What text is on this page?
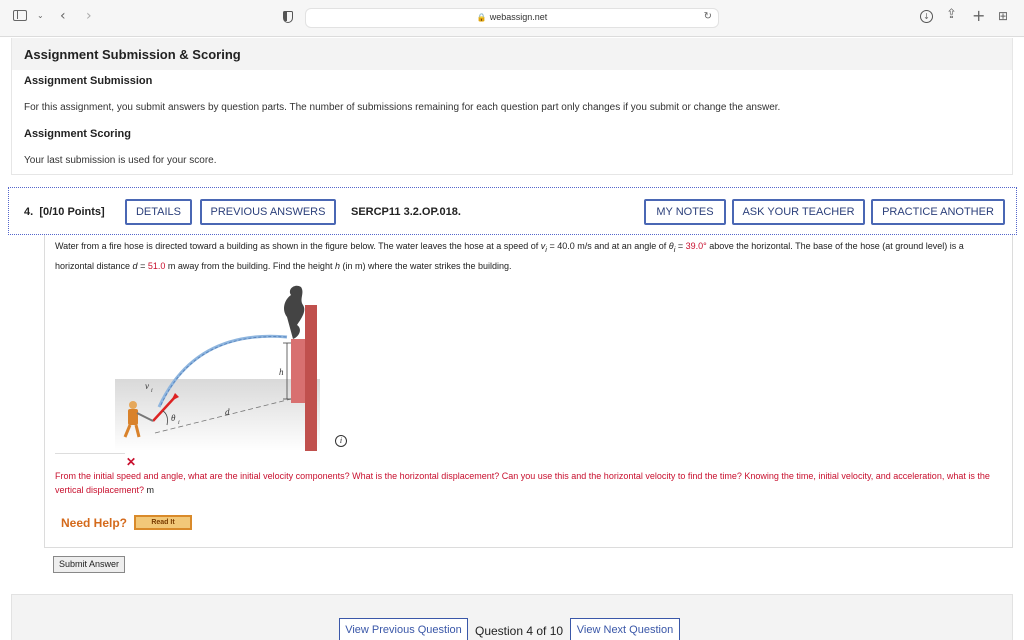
⌄ ‹ ›	🔒 webassign.net	↻	↓ ⇪ + ⊞
Assignment Submission & Scoring
Assignment Submission
For this assignment, you submit answers by question parts. The number of submissions remaining for each question part only changes if you submit or change the answer.
Assignment Scoring
Your last submission is used for your score.
4. [0/10 Points]	DETAILS	PREVIOUS ANSWERS	SERCP11 3.2.OP.018.	MY NOTES	ASK YOUR TEACHER	PRACTICE ANOTHER
Water from a fire hose is directed toward a building as shown in the figure below. The water leaves the hose at a speed of $v_i = 40.0$ m/s and at an angle of $\theta_i = 39.0^\circ$ above the horizontal. The base of the hose (at ground level) is a horizontal distance d = 51.0 m away from the building. Find the height h (in m) where the water strikes the building.
h
d
θ i
v i
i
✕
From the initial speed and angle, what are the initial velocity components? What is the horizontal displacement? Can you use this and the horizontal velocity to find the time? Knowing the time, initial velocity, and acceleration, what is the vertical displacement? m
Need Help?	Read It
Submit Answer
View Previous Question	Question 4 of 10	View Next Question
